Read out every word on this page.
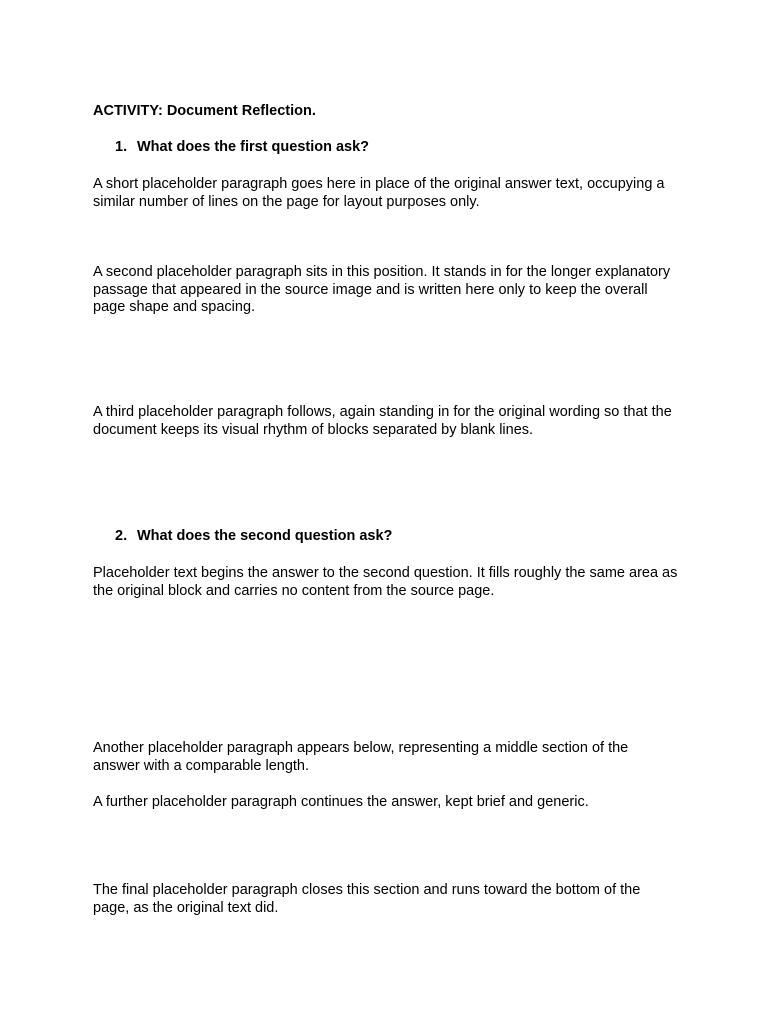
ACTIVITY: Document Reflection.

1. What does the first question ask?

A short placeholder paragraph goes here in place of the original answer text, occupying a similar number of lines on the page for layout purposes only.

A second placeholder paragraph sits in this position. It stands in for the longer explanatory passage that appeared in the source image and is written here only to keep the overall page shape and spacing.

A third placeholder paragraph follows, again standing in for the original wording so that the document keeps its visual rhythm of blocks separated by blank lines.

2. What does the second question ask?

Placeholder text begins the answer to the second question. It fills roughly the same area as the original block and carries no content from the source page.

Another placeholder paragraph appears below, representing a middle section of the answer with a comparable length.

A further placeholder paragraph continues the answer, kept brief and generic.

The final placeholder paragraph closes this section and runs toward the bottom of the page, as the original text did.
